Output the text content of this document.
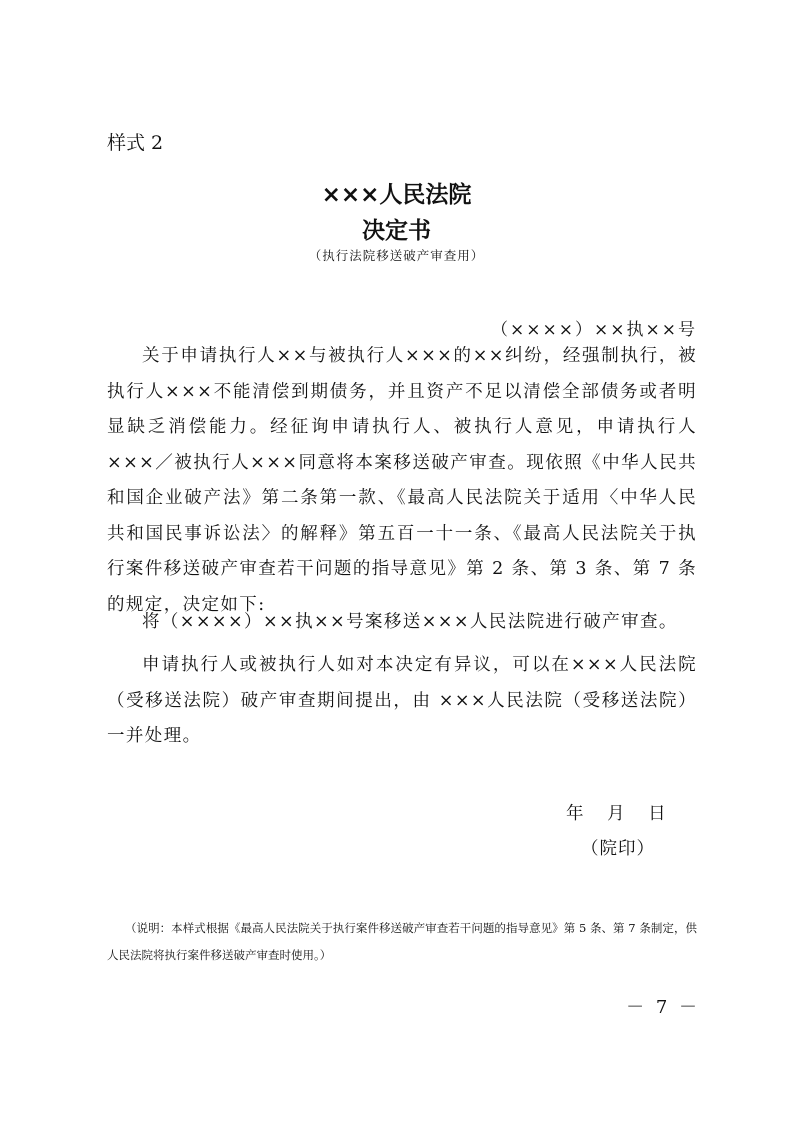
样式 2
×××人民法院
决定书
（执行法院移送破产审查用）
（××××）××执××号
关于申请执行人××与被执行人×××的××纠纷，经强制执行，被执行人×××不能清偿到期债务，并且资产不足以清偿全部债务或者明显缺乏消偿能力。经征询申请执行人、被执行人意见，申请执行人×××／被执行人×××同意将本案移送破产审查。现依照《中华人民共和国企业破产法》第二条第一款、《最高人民法院关于适用〈中华人民共和国民事诉讼法〉的解释》第五百一十一条、《最高人民法院关于执行案件移送破产审查若干问题的指导意见》第 2 条、第 3 条、第 7 条的规定，决定如下:
将（××××）××执××号案移送×××人民法院进行破产审查。
申请执行人或被执行人如对本决定有异议，可以在×××人民法院（受移送法院）破产审查期间提出，由 ×××人民法院（受移送法院）一并处理。
年 月 日
（院印）
（说明：本样式根据《最高人民法院关于执行案件移送破产审查若干问题的指导意见》第 5 条、第 7 条制定，供人民法院将执行案件移送破产审查时使用。）
－ 7 －
